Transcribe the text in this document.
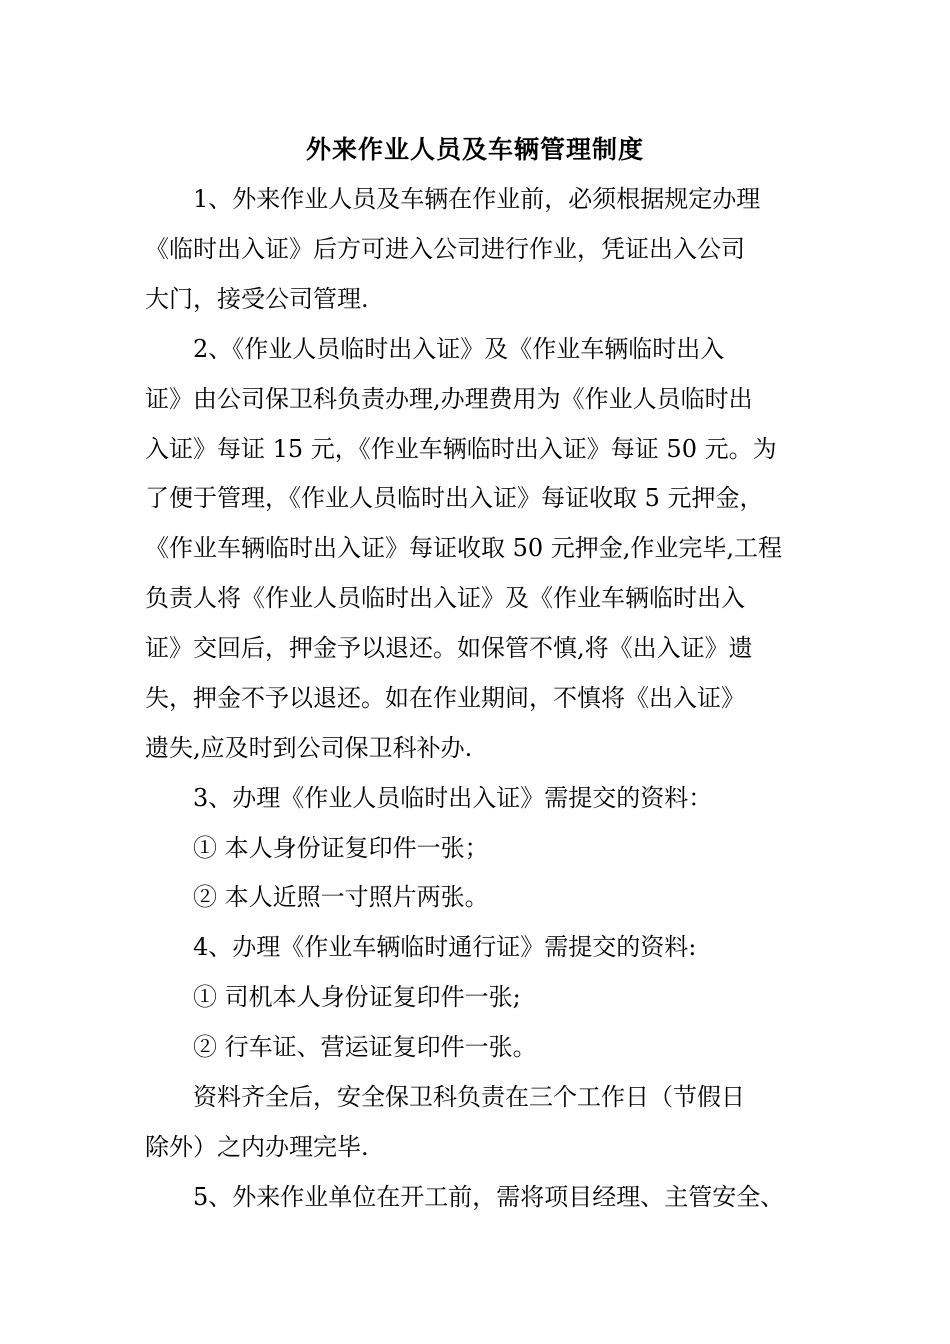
外来作业人员及车辆管理制度
1、外来作业人员及车辆在作业前，必须根据规定办理
《临时出入证》后方可进入公司进行作业，凭证出入公司
大门，接受公司管理.
2、《作业人员临时出入证》及《作业车辆临时出入
证》由公司保卫科负责办理,办理费用为《作业人员临时出
入证》每证 15 元，《作业车辆临时出入证》每证 50 元。为
了便于管理，《作业人员临时出入证》每证收取 5 元押金，
《作业车辆临时出入证》每证收取 50 元押金,作业完毕,工程
负责人将《作业人员临时出入证》及《作业车辆临时出入
证》交回后，押金予以退还。如保管不慎,将《出入证》遗
失，押金不予以退还。如在作业期间，不慎将《出入证》
遗失,应及时到公司保卫科补办.
3、办理《作业人员临时出入证》需提交的资料：
① 本人身份证复印件一张；
② 本人近照一寸照片两张。
4、办理《作业车辆临时通行证》需提交的资料:
① 司机本人身份证复印件一张;
② 行车证、营运证复印件一张。
资料齐全后，安全保卫科负责在三个工作日（节假日
除外）之内办理完毕.
5、外来作业单位在开工前，需将项目经理、主管安全、
